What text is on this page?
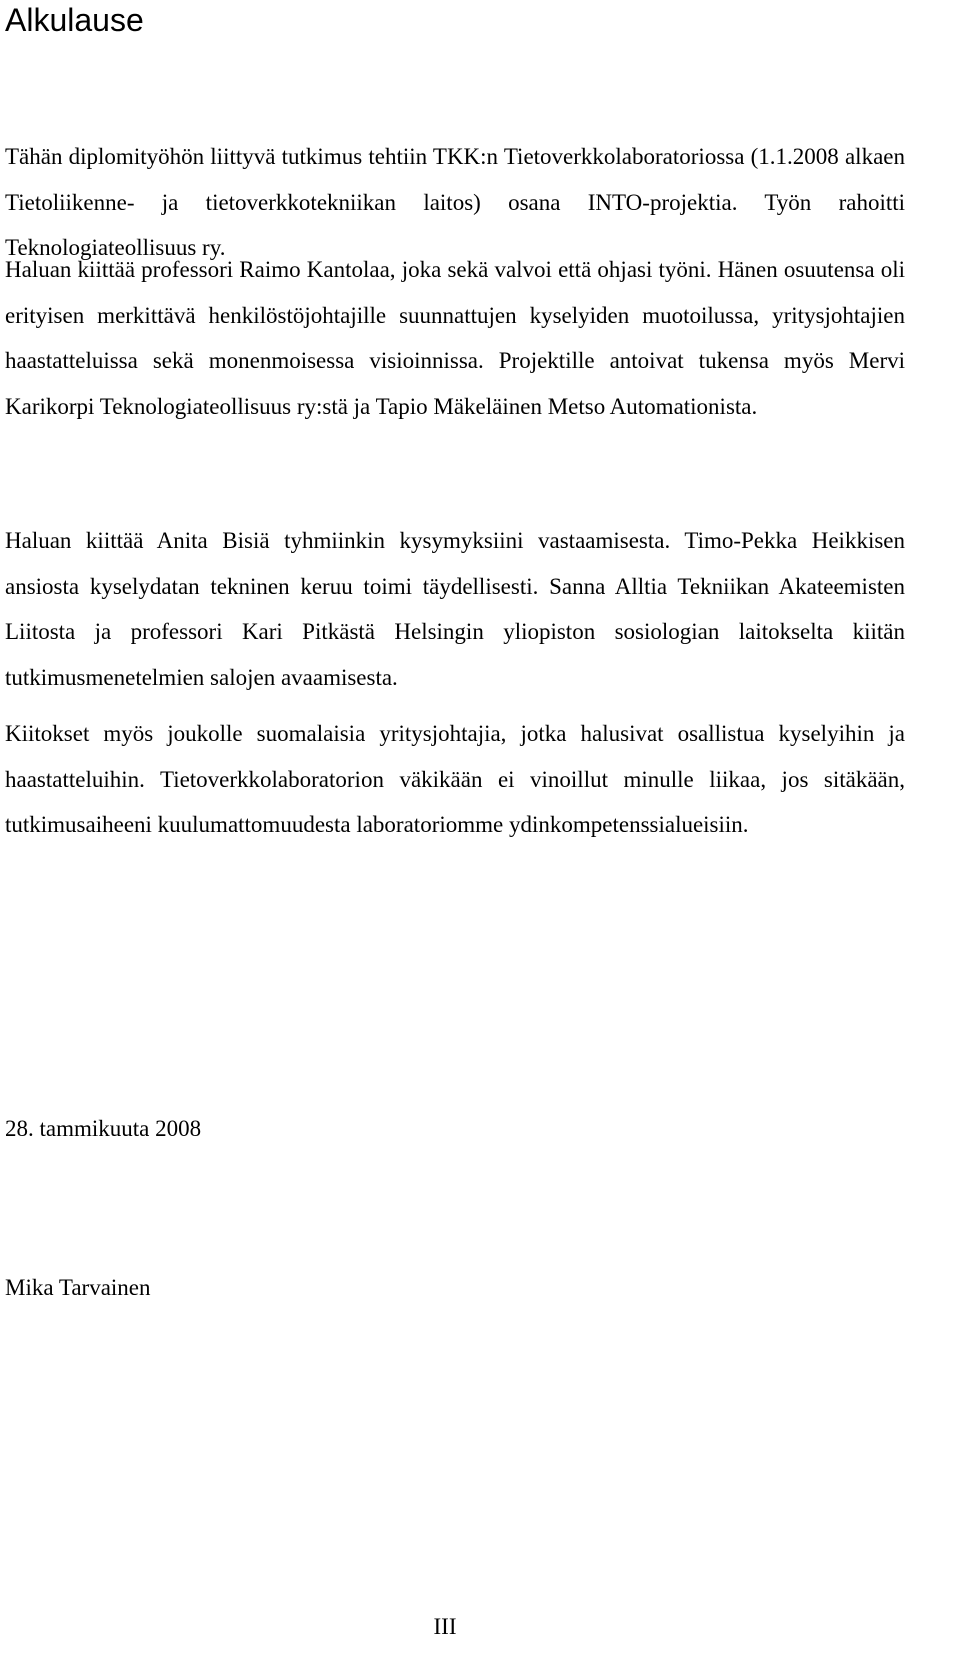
Alkulause

Tähän diplomityöhön liittyvä tutkimus tehtiin TKK:n Tietoverkkolaboratoriossa (1.1.2008 alkaen Tietoliikenne- ja tietoverkkotekniikan laitos) osana INTO-projektia. Työn rahoitti Teknologiateollisuus ry.

Haluan kiittää professori Raimo Kantolaa, joka sekä valvoi että ohjasi työni. Hänen osuutensa oli erityisen merkittävä henkilöstöjohtajille suunnattujen kyselyiden muotoilussa, yritysjohtajien haastatteluissa sekä monenmoisessa visioinnissa. Projektille antoivat tukensa myös Mervi Karikorpi Teknologiateollisuus ry:stä ja Tapio Mäkeläinen Metso Automationista.

Haluan kiittää Anita Bisiä tyhmiinkin kysymyksiini vastaamisesta. Timo-Pekka Heikkisen ansiosta kyselydatan tekninen keruu toimi täydellisesti. Sanna Alltia Tekniikan Akateemisten Liitosta ja professori Kari Pitkästä Helsingin yliopiston sosiologian laitokselta kiitän tutkimusmenetelmien salojen avaamisesta.

Kiitokset myös joukolle suomalaisia yritysjohtajia, jotka halusivat osallistua kyselyihin ja haastatteluihin. Tietoverkkolaboratorion väkikään ei vinoillut minulle liikaa, jos sitäkään, tutkimusaiheeni kuulumattomuudesta laboratoriomme ydinkompetenssialueisiin.

28. tammikuuta 2008

Mika Tarvainen

III
